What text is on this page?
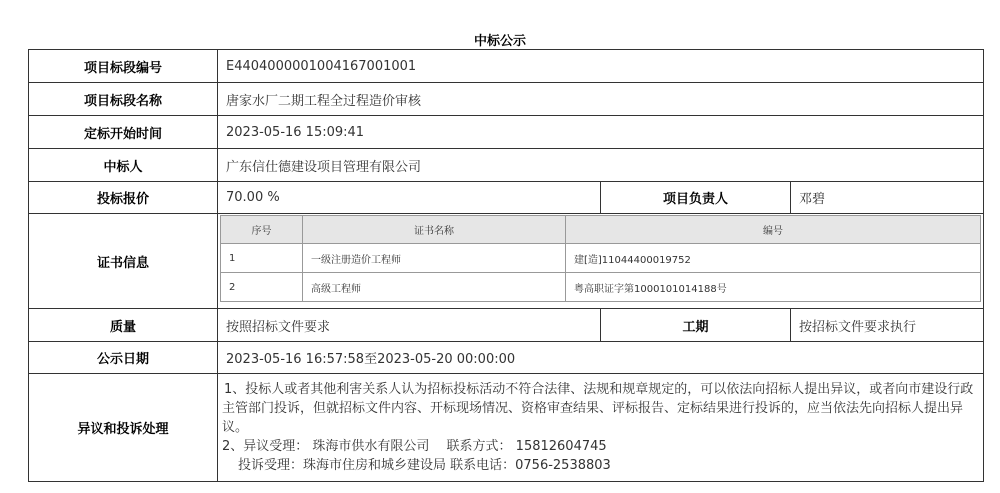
中标公示
项目标段编号	E4404000001004167001001
项目标段名称	唐家水厂二期工程全过程造价审核
定标开始时间	2023-05-16 15:09:41
中标人	广东信仕德建设项目管理有限公司
投标报价	70.00 %	项目负责人	邓碧
证书信息	
序号	证书名称	编号
1	一级注册造价工程师	建[造]11044400019752
2	高级工程师	粤高职证字第1000101014188号

质量	按照招标文件要求	工期	按招标文件要求执行
公示日期	2023-05-16 16:57:58至2023-05-20 00:00:00
异议和投诉处理	
1、投标人或者其他利害关系人认为招标投标活动不符合法律、法规和规章规定的，可以依法向招标人提出异议，或者向市建设行政主管部门投诉，但就招标文件内容、开标现场情况、资格审查结果、评标报告、定标结果进行投诉的，应当依法先向招标人提出异议。
2、异议受理： 珠海市供水有限公司　 联系方式： 15812604745
投诉受理：珠海市住房和城乡建设局 联系电话：0756-2538803
